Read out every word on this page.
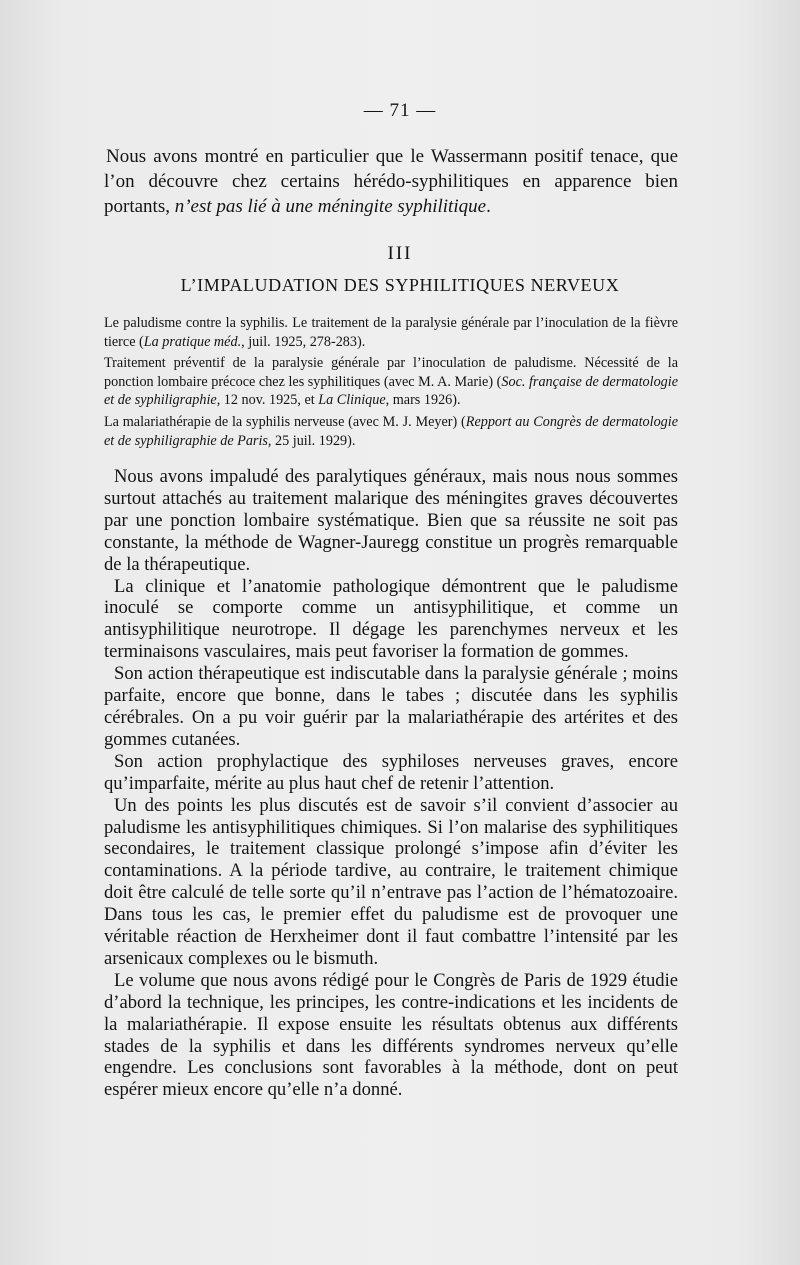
— 71 —

Nous avons montré en particulier que le Wassermann positif tenace, que l’on découvre chez certains hérédo-syphilitiques en apparence bien portants, n’est pas lié à une méningite syphilitique.

III
L’IMPALUDATION DES SYPHILITIQUES NERVEUX

Le paludisme contre la syphilis. Le traitement de la paralysie générale par l’inoculation de la fièvre tierce (La pratique méd., juil. 1925, 278-283).

Traitement préventif de la paralysie générale par l’inoculation de paludisme. Nécessité de la ponction lombaire précoce chez les syphilitiques (avec M. A. Marie) (Soc. française de dermatologie et de syphiligraphie, 12 nov. 1925, et La Clinique, mars 1926).

La malariathérapie de la syphilis nerveuse (avec M. J. Meyer) (Repport au Congrès de dermatologie et de syphiligraphie de Paris, 25 juil. 1929).

Nous avons impaludé des paralytiques généraux, mais nous nous sommes surtout attachés au traitement malarique des méningites graves découvertes par une ponction lombaire systématique. Bien que sa réussite ne soit pas constante, la méthode de Wagner-Jauregg constitue un progrès remarquable de la thérapeutique.

La clinique et l’anatomie pathologique démontrent que le paludisme inoculé se comporte comme un antisyphilitique, et comme un antisyphilitique neurotrope. Il dégage les parenchymes nerveux et les terminaisons vasculaires, mais peut favoriser la formation de gommes.

Son action thérapeutique est indiscutable dans la paralysie générale ; moins parfaite, encore que bonne, dans le tabes ; discutée dans les syphilis cérébrales. On a pu voir guérir par la malariathérapie des artérites et des gommes cutanées.

Son action prophylactique des syphiloses nerveuses graves, encore qu’imparfaite, mérite au plus haut chef de retenir l’attention.

Un des points les plus discutés est de savoir s’il convient d’associer au paludisme les antisyphilitiques chimiques. Si l’on malarise des syphilitiques secondaires, le traitement classique prolongé s’impose afin d’éviter les contaminations. A la période tardive, au contraire, le traitement chimique doit être calculé de telle sorte qu’il n’entrave pas l’action de l’hématozoaire. Dans tous les cas, le premier effet du paludisme est de provoquer une véritable réaction de Herxheimer dont il faut combattre l’intensité par les arsenicaux complexes ou le bismuth.

Le volume que nous avons rédigé pour le Congrès de Paris de 1929 étudie d’abord la technique, les principes, les contre-indications et les incidents de la malariathérapie. Il expose ensuite les résultats obtenus aux différents stades de la syphilis et dans les différents syndromes nerveux qu’elle engendre. Les conclusions sont favorables à la méthode, dont on peut espérer mieux encore qu’elle n’a donné.
